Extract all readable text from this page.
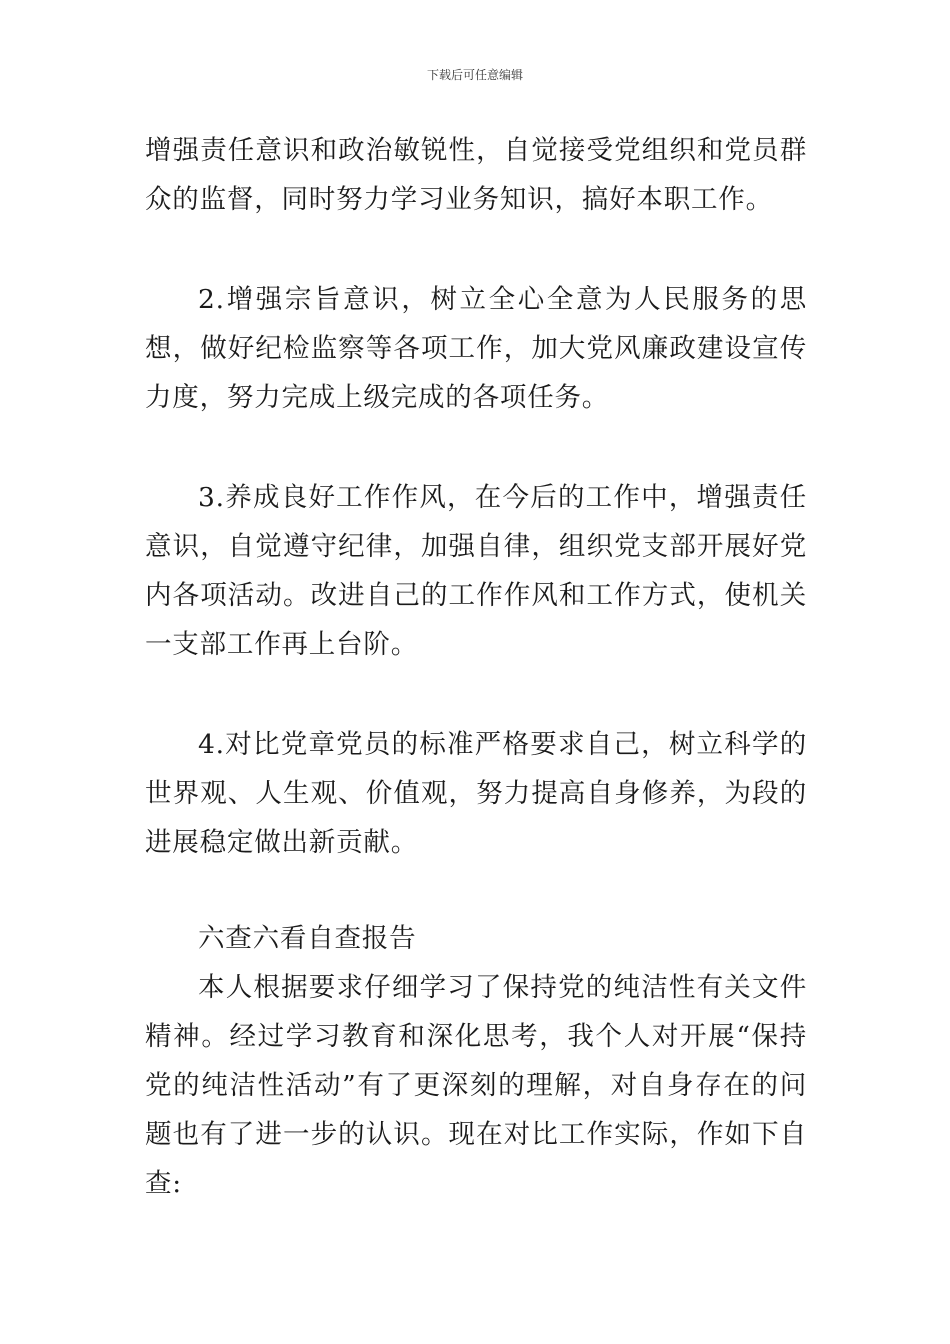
下载后可任意编辑

增强责任意识和政治敏锐性，自觉接受党组织和党员群众的监督，同时努力学习业务知识，搞好本职工作。

2.增强宗旨意识，树立全心全意为人民服务的思想，做好纪检监察等各项工作，加大党风廉政建设宣传力度，努力完成上级完成的各项任务。

3.养成良好工作作风，在今后的工作中，增强责任意识，自觉遵守纪律，加强自律，组织党支部开展好党内各项活动。改进自己的工作作风和工作方式，使机关一支部工作再上台阶。

4.对比党章党员的标准严格要求自己，树立科学的世界观、人生观、价值观，努力提高自身修养，为段的进展稳定做出新贡献。

六查六看自查报告

本人根据要求仔细学习了保持党的纯洁性有关文件精神。经过学习教育和深化思考，我个人对开展“保持党的纯洁性活动”有了更深刻的理解，对自身存在的问题也有了进一步的认识。现在对比工作实际，作如下自查:
